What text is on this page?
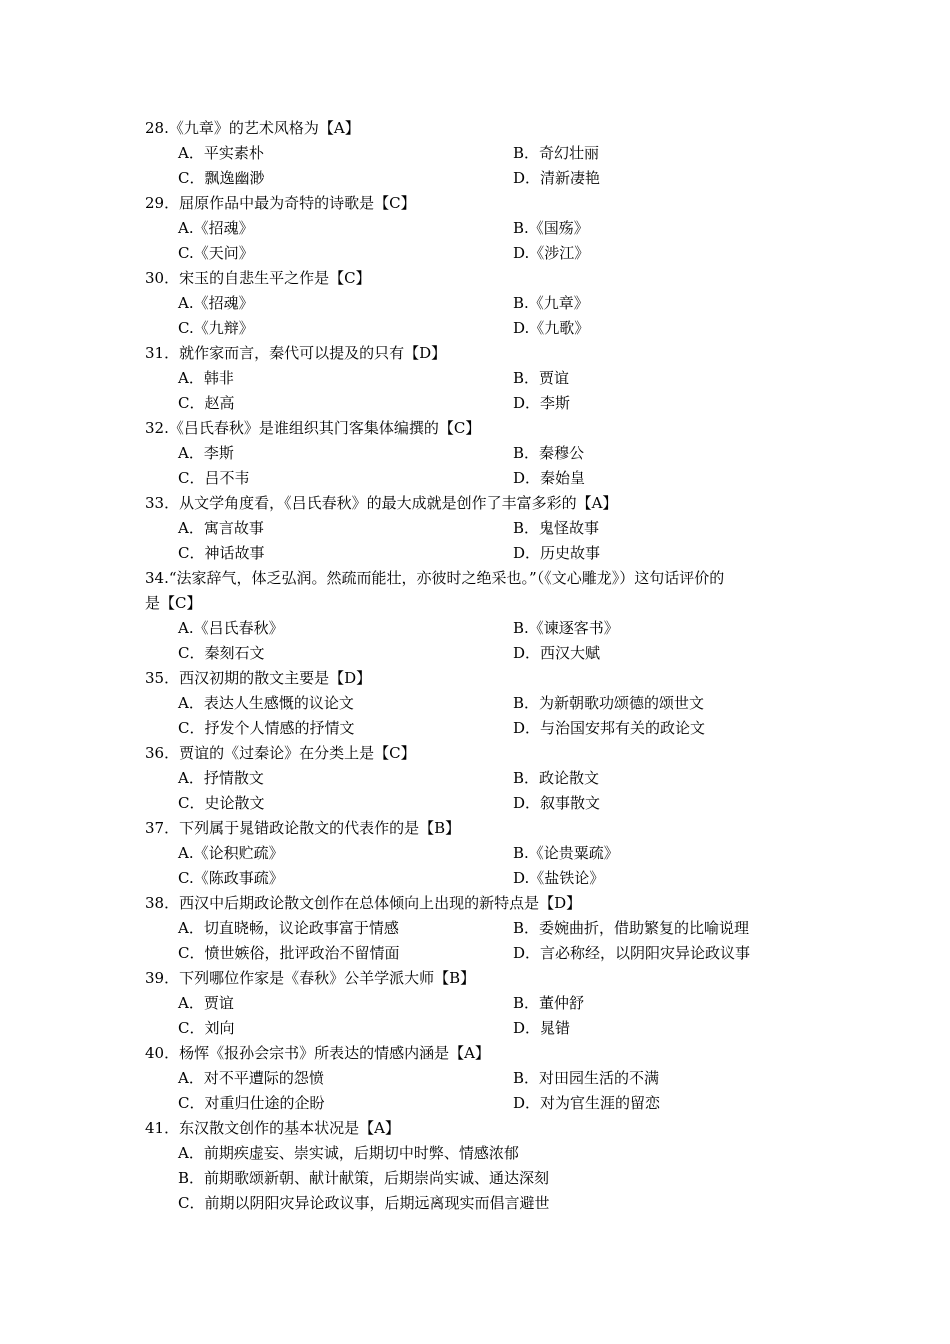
28.《九章》的艺术风格为【A】
A．平实素朴	B．奇幻壮丽
C．飘逸幽渺	D．清新凄艳
29．屈原作品中最为奇特的诗歌是【C】
A.《招魂》	B.《国殇》
C.《天问》	D.《涉江》
30．宋玉的自悲生平之作是【C】
A.《招魂》	B.《九章》
C.《九辩》	D.《九歌》
31．就作家而言，秦代可以提及的只有【D】
A．韩非	B．贾谊
C．赵高	D．李斯
32.《吕氏春秋》是谁组织其门客集体编撰的【C】
A．李斯	B．秦穆公
C．吕不韦	D．秦始皇
33．从文学角度看，《吕氏春秋》的最大成就是创作了丰富多彩的【A】
A．寓言故事	B．鬼怪故事
C．神话故事	D．历史故事
34.“法家辞气，体乏弘润。然疏而能壮，亦彼时之绝采也。”（《文心雕龙》）这句话评价的
是【C】
A.《吕氏春秋》	B.《谏逐客书》
C．秦刻石文	D．西汉大赋
35．西汉初期的散文主要是【D】
A．表达人生感慨的议论文	B．为新朝歌功颂德的颂世文
C．抒发个人情感的抒情文	D．与治国安邦有关的政论文
36．贾谊的《过秦论》在分类上是【C】
A．抒情散文	B．政论散文
C．史论散文	D．叙事散文
37．下列属于晁错政论散文的代表作的是【B】
A.《论积贮疏》	B.《论贵粟疏》
C.《陈政事疏》	D.《盐铁论》
38．西汉中后期政论散文创作在总体倾向上出现的新特点是【D】
A．切直晓畅，议论政事富于情感	B．委婉曲折，借助繁复的比喻说理
C．愤世嫉俗，批评政治不留情面	D．言必称经，以阴阳灾异论政议事
39．下列哪位作家是《春秋》公羊学派大师【B】
A．贾谊	B．董仲舒
C．刘向	D．晁错
40．杨恽《报孙会宗书》所表达的情感内涵是【A】
A．对不平遭际的怨愤	B．对田园生活的不满
C．对重归仕途的企盼	D．对为官生涯的留恋
41．东汉散文创作的基本状况是【A】
A．前期疾虚妄、崇实诚，后期切中时弊、情感浓郁
B．前期歌颂新朝、献计献策，后期崇尚实诚、通达深刻
C．前期以阴阳灾异论政议事，后期远离现实而倡言避世
